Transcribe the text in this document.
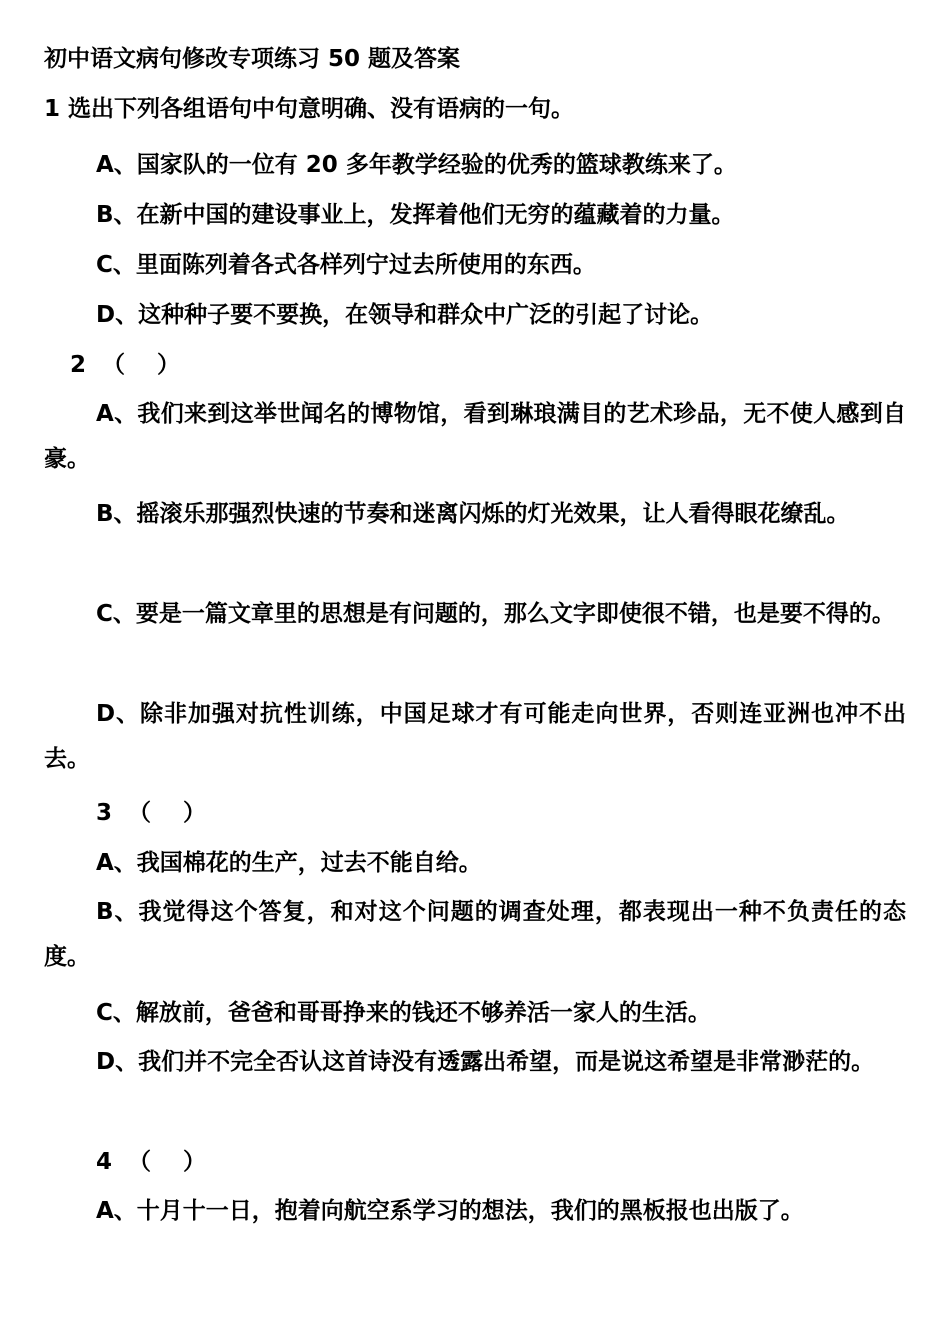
初中语文病句修改专项练习 50 题及答案
1 选出下列各组语句中句意明确、没有语病的一句。
A、国家队的一位有 20 多年教学经验的优秀的篮球教练来了。
B、在新中国的建设事业上，发挥着他们无穷的蕴藏着的力量。
C、里面陈列着各式各样列宁过去所使用的东西。
D、这种种子要不要换，在领导和群众中广泛的引起了讨论。
2  （    ）
A、我们来到这举世闻名的博物馆，看到琳琅满目的艺术珍品，无不使人感到自豪。
B、摇滚乐那强烈快速的节奏和迷离闪烁的灯光效果，让人看得眼花缭乱。
C、要是一篇文章里的思想是有问题的，那么文字即使很不错，也是要不得的。
D、除非加强对抗性训练，中国足球才有可能走向世界，否则连亚洲也冲不出去。
3  （    ）
A、我国棉花的生产，过去不能自给。
B、我觉得这个答复，和对这个问题的调查处理，都表现出一种不负责任的态度。
C、解放前，爸爸和哥哥挣来的钱还不够养活一家人的生活。
D、我们并不完全否认这首诗没有透露出希望，而是说这希望是非常渺茫的。
4  （    ）
A、十月十一日，抱着向航空系学习的想法，我们的黑板报也出版了。
